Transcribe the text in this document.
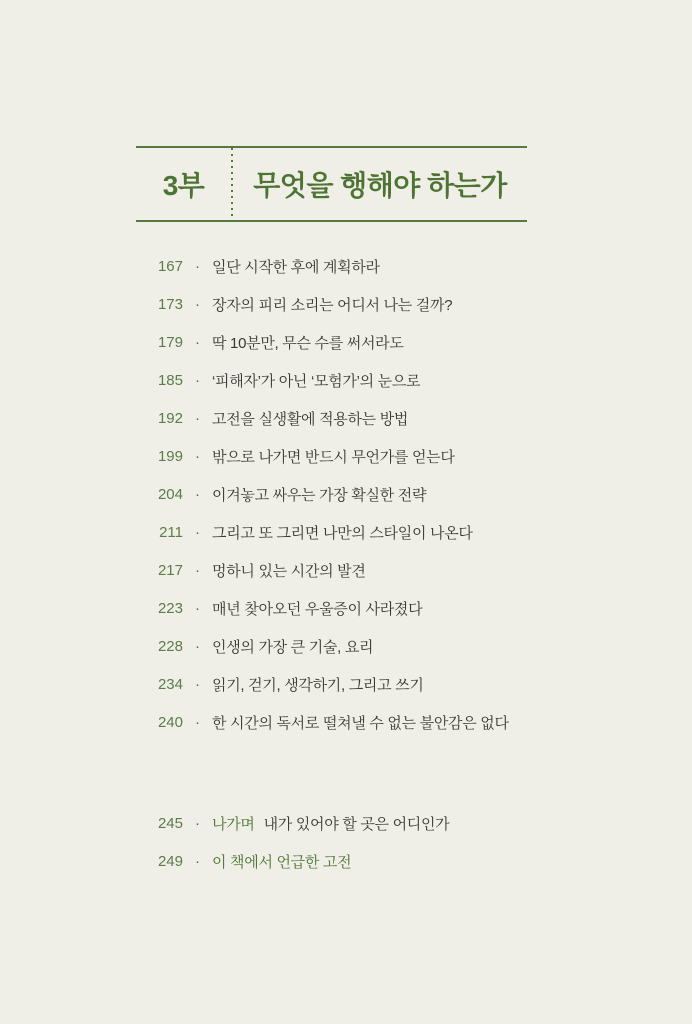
3부	무엇을 행해야 하는가
167 · 일단 시작한 후에 계획하라
173 · 장자의 피리 소리는 어디서 나는 걸까?
179 · 딱 10분만, 무슨 수를 써서라도
185 · ‘피해자’가 아닌 ‘모험가’의 눈으로
192 · 고전을 실생활에 적용하는 방법
199 · 밖으로 나가면 반드시 무언가를 얻는다
204 · 이겨놓고 싸우는 가장 확실한 전략
211 · 그리고 또 그리면 나만의 스타일이 나온다
217 · 멍하니 있는 시간의 발견
223 · 매년 찾아오던 우울증이 사라졌다
228 · 인생의 가장 큰 기술, 요리
234 · 읽기, 걷기, 생각하기, 그리고 쓰기
240 · 한 시간의 독서로 떨쳐낼 수 없는 불안감은 없다
245 · 나가며 내가 있어야 할 곳은 어디인가
249 · 이 책에서 언급한 고전
